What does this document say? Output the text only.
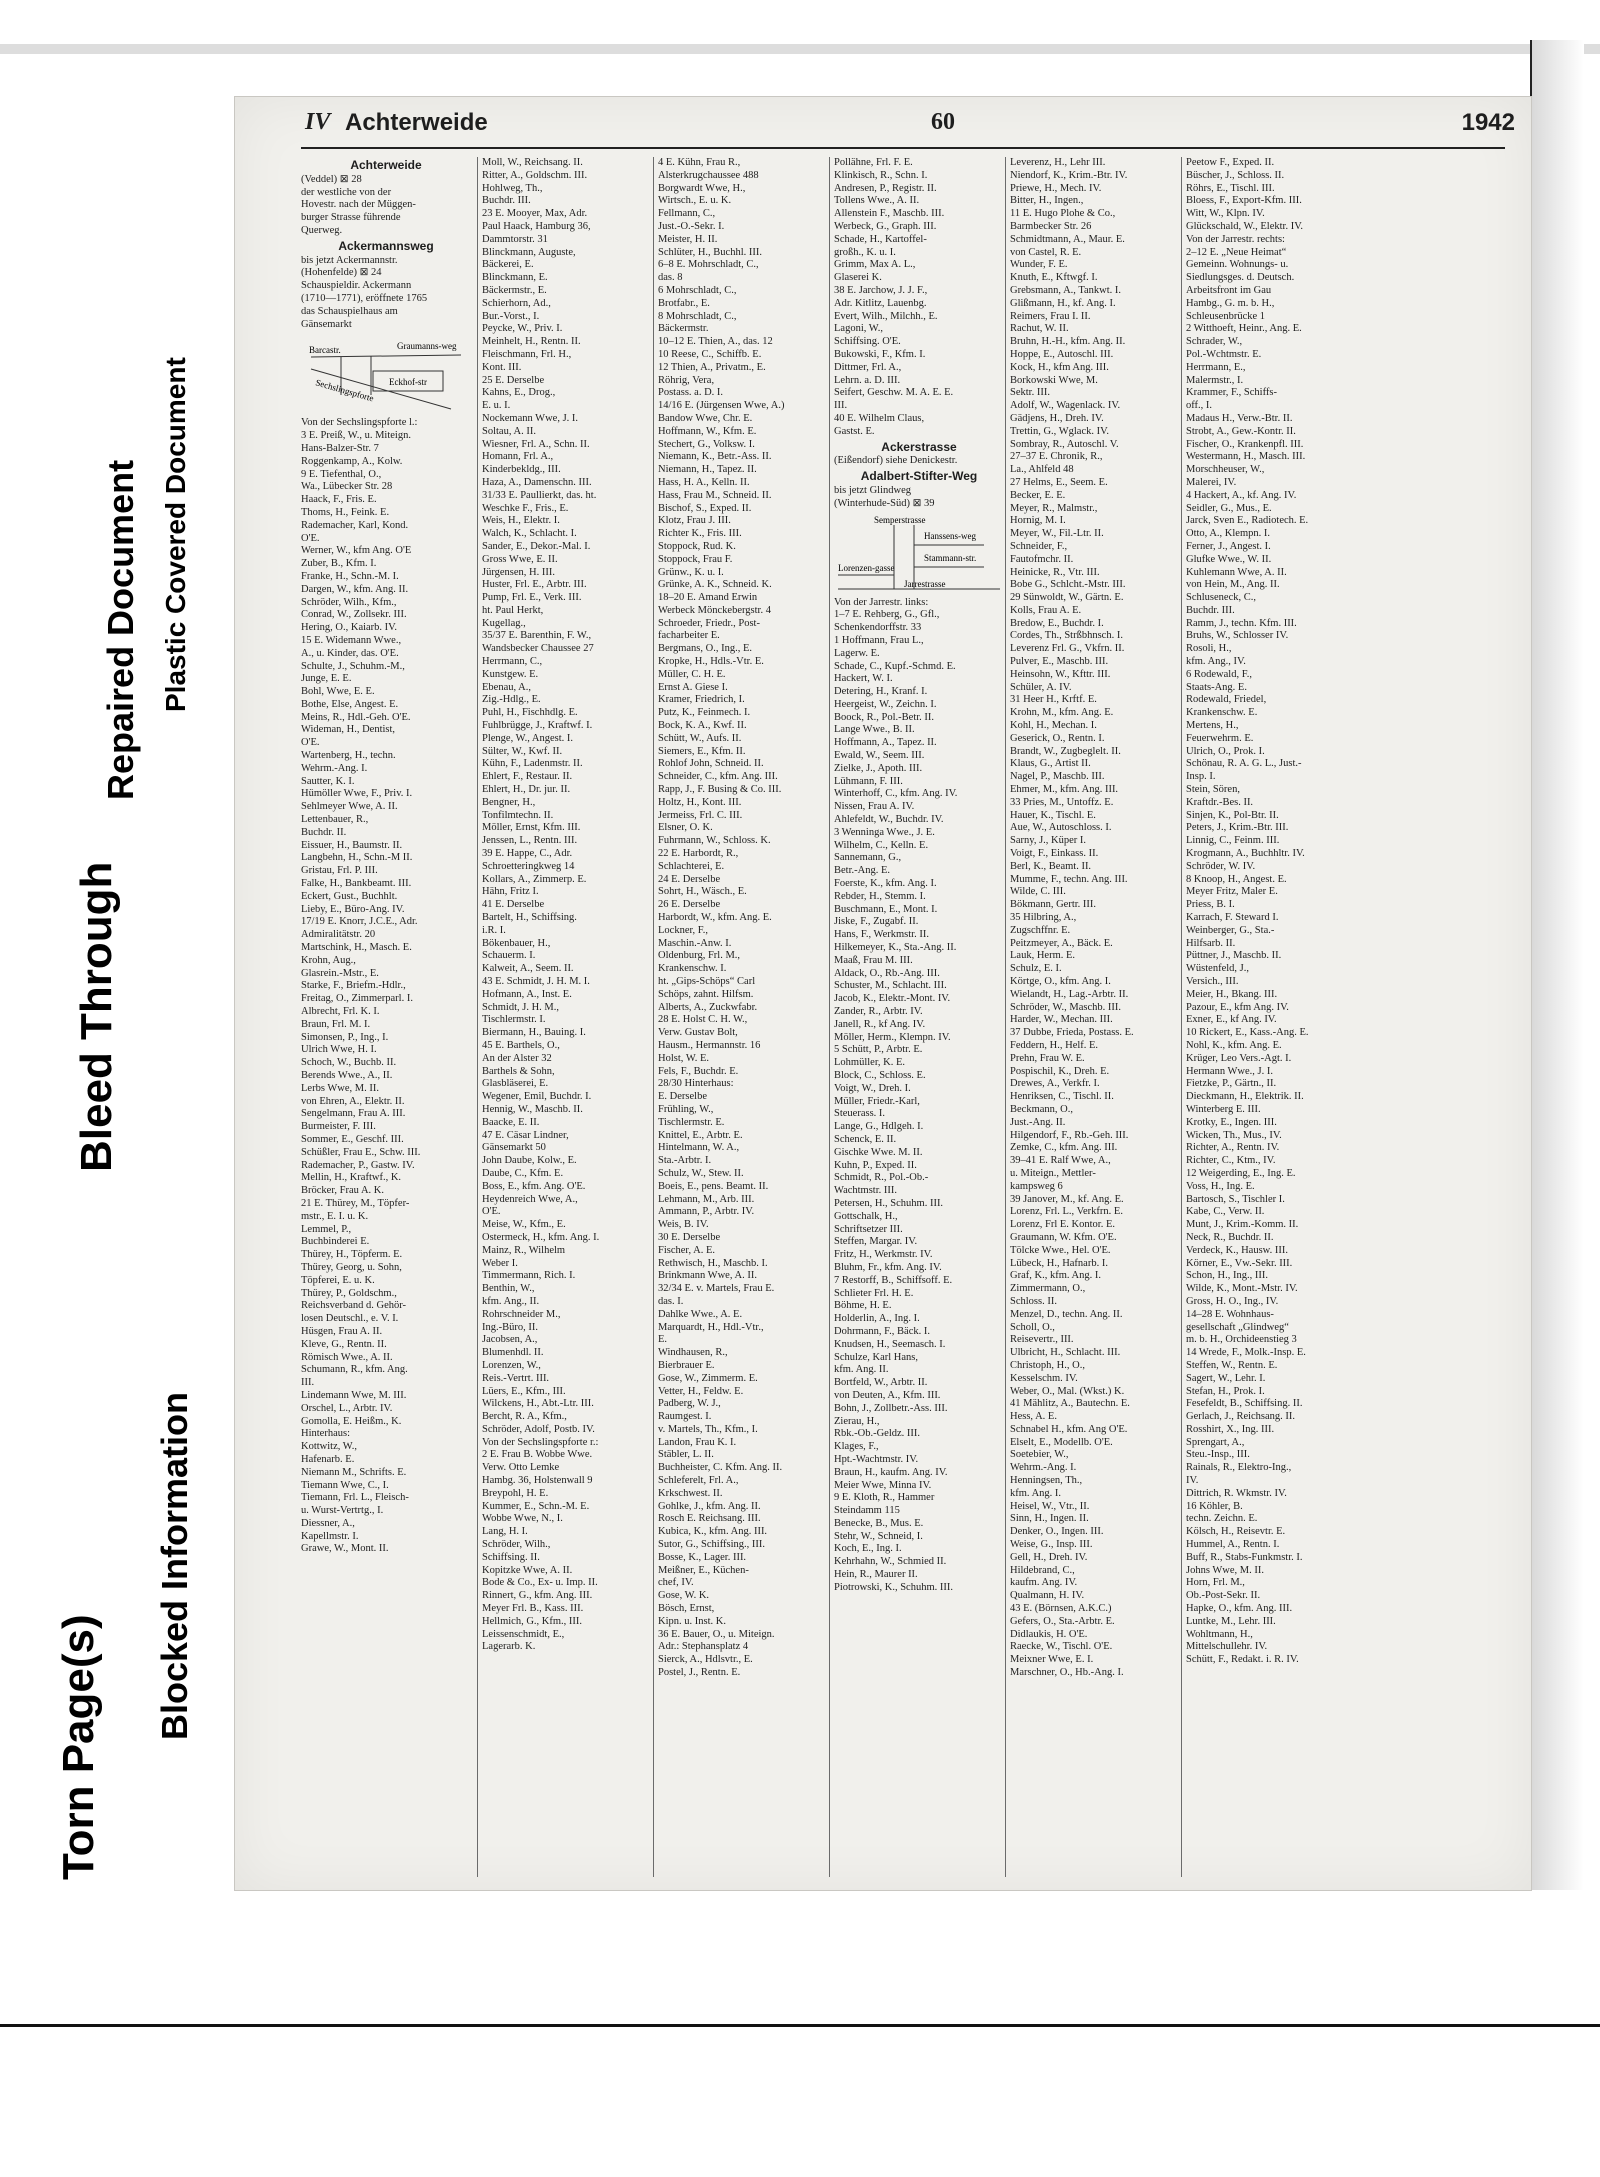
Bleed Through
Repaired Document
Torn Page(s)
Blocked Information
Plastic Covered Document
IV Achterweide	60	1942
Achterweide
(Veddel) ⊠ 28
der westliche von der
Hovestr. nach der Müggen-
burger Strasse führende
Querweg.
Ackermannsweg
bis jetzt Ackermannstr.
(Hohenfelde) ⊠ 24
Schauspieldir. Ackermann
(1710—1771), eröffnete 1765
das Schauspielhaus am
Gänsemarkt
Barcastr.	Graumanns-weg
Eckhof-str
Sechslingspforte
Von der Sechslingspforte l.:
3 E. Preiß, W., u. Miteign.
Hans-Balzer-Str. 7
Roggenkamp, A., Kolw.
9 E. Tiefenthal, O.,
Wa., Lübecker Str. 28
Haack, F., Fris. E.
Thoms, H., Feink. E.
Rademacher, Karl, Kond.
O'E.
Werner, W., kfm Ang. O'E
Zuber, B., Kfm. I.
Franke, H., Schn.-M. I.
Dargen, W., kfm. Ang. II.
Schröder, Wilh., Kfm.,
Conrad, W., Zollsekr. III.
Hering, O., Kaiarb. IV.
15 E. Widemann Wwe.,
A., u. Kinder, das. O'E.
Schulte, J., Schuhm.-M.,
Junge, E. E.
Bohl, Wwe, E. E.
Bothe, Else, Angest. E.
Meins, R., Hdl.-Geh. O'E.
Wideman, H., Dentist,
O'E.
Wartenberg, H., techn.
Wehrm.-Ang. I.
Sautter, K. I.
Hümöller Wwe, F., Priv. I.
Sehlmeyer Wwe, A. II.
Lettenbauer, R.,
Buchdr. II.
Eissuer, H., Baumstr. II.
Langbehn, H., Schn.-M II.
Gristau, Frl. P. III.
Falke, H., Bankbeamt. III.
Eckert, Gust., Buchhlt.
Lieby, E., Büro-Ang. IV.
17/19 E. Knorr, J.C.E., Adr.
Admiralitätstr. 20
Martschink, H., Masch. E.
Krohn, Aug.,
Glasrein.-Mstr., E.
Starke, F., Briefm.-Hdlr.,
Freitag, O., Zimmerparl. I.
Albrecht, Frl. K. I.
Braun, Frl. M. I.
Simonsen, P., Ing., I.
Ulrich Wwe, H. I.
Schoch, W., Buchb. II.
Berends Wwe., A., II.
Lerbs Wwe, M. II.
von Ehren, A., Elektr. II.
Sengelmann, Frau A. III.
Burmeister, F. III.
Sommer, E., Geschf. III.
Schüßler, Frau E., Schw. III.
Rademacher, P., Gastw. IV.
Mellin, H., Kraftwf., K.
Bröcker, Frau A. K.
21 E. Thürey, M., Töpfer-
mstr., E. I. u. K.
Lemmel, P.,
Buchbinderei E.
Thürey, H., Töpferm. E.
Thürey, Georg, u. Sohn,
Töpferei, E. u. K.
Thürey, P., Goldschm.,
Reichsverband d. Gehör-
losen Deutschl., e. V. I.
Hüsgen, Frau A. II.
Kleve, G., Rentn. II.
Römisch Wwe., A. II.
Schumann, R., kfm. Ang.
III.
Lindemann Wwe, M. III.
Orschel, L., Arbtr. IV.
Gomolla, E. Heißm., K.
Hinterhaus:
Kottwitz, W.,
Hafenarb. E.
Niemann M., Schrifts. E.
Tiemann Wwe, C., I.
Tiemann, Frl. L., Fleisch-
u. Wurst-Vertrtg., I.
Diessner, A.,
Kapellmstr. I.
Grawe, W., Mont. II.
Moll, W., Reichsang. II.
Ritter, A., Goldschm. III.
Hohlweg, Th.,
Buchdr. III.
23 E. Mooyer, Max, Adr.
Paul Haack, Hamburg 36,
Dammtorstr. 31
Blinckmann, Auguste,
Bäckerei, E.
Blinckmann, E.
Bäckermstr., E.
Schierhorn, Ad.,
Bur.-Vorst., I.
Peycke, W., Priv. I.
Meinhelt, H., Rentn. II.
Fleischmann, Frl. H.,
Kont. III.
25 E. Derselbe
Kahns, E., Drog.,
E. u. I.
Nockemann Wwe, J. I.
Soltau, A. II.
Wiesner, Frl. A., Schn. II.
Homann, Frl. A.,
Kinderbekldg., III.
Haza, A., Damenschn. III.
31/33 E. Paullierkt, das. ht.
Weschke F., Fris., E.
Weis, H., Elektr. I.
Walch, K., Schlacht. I.
Sander, E., Dekor.-Mal. I.
Gross Wwe, E. II.
Jürgensen, H. III.
Huster, Frl. E., Arbtr. III.
Pump, Frl. E., Verk. III.
ht. Paul Herkt,
Kugellag.,
35/37 E. Barenthin, F. W.,
Wandsbecker Chaussee 27
Herrmann, C.,
Kunstgew. E.
Ebenau, A.,
Zig.-Hdlg., E.
Puhl, H., Fischhdlg. E.
Fuhlbrügge, J., Kraftwf. I.
Plenge, W., Angest. I.
Sülter, W., Kwf. II.
Kühn, F., Ladenmstr. II.
Ehlert, F., Restaur. II.
Ehlert, H., Dr. jur. II.
Bengner, H.,
Tonfilmtechn. II.
Möller, Ernst, Kfm. III.
Jenssen, L., Rentn. III.
39 E. Happe, C., Adr.
Schroetteringkweg 14
Kollars, A., Zimmerp. E.
Hähn, Fritz I.
41 E. Derselbe
Bartelt, H., Schiffsing.
i.R. I.
Bökenbauer, H.,
Schauerm. I.
Kalweit, A., Seem. II.
43 E. Schmidt, J. H. M. I.
Hofmann, A., Inst. E.
Schmidt, J. H. M.,
Tischlermstr. I.
Biermann, H., Bauing. I.
45 E. Barthels, O.,
An der Alster 32
Barthels & Sohn,
Glasbläserei, E.
Wegener, Emil, Buchdr. I.
Hennig, W., Maschb. II.
Baacke, E. II.
47 E. Cäsar Lindner,
Gänsemarkt 50
John Daube, Kolw., E.
Daube, C., Kfm. E.
Boss, E., kfm. Ang. O'E.
Heydenreich Wwe, A.,
O'E.
Meise, W., Kfm., E.
Ostermeck, H., kfm. Ang. I.
Mainz, R., Wilhelm
Weber I.
Timmermann, Rich. I.
Benthin, W.,
kfm. Ang., II.
Rohrschneider M.,
Ing.-Büro, II.
Jacobsen, A.,
Blumenhdl. II.
Lorenzen, W.,
Reis.-Vertrt. III.
Lüers, E., Kfm., III.
Wilckens, H., Abt.-Ltr. III.
Bercht, R. A., Kfm.,
Schröder, Adolf, Postb. IV.
Von der Sechslingspforte r.:
2 E. Frau B. Wobbe Wwe.
Verw. Otto Lemke
Hambg. 36, Holstenwall 9
Breypohl, H. E.
Kummer, E., Schn.-M. E.
Wobbe Wwe, N., I.
Lang, H. I.
Schröder, Wilh.,
Schiffsing. II.
Kopitzke Wwe, A. II.
Bode & Co., Ex- u. Imp. II.
Rinnert, G., kfm. Ang. III.
Meyer Frl. B., Kass. III.
Hellmich, G., Kfm., III.
Leissenschmidt, E.,
Lagerarb. K.
4 E. Kühn, Frau R.,
Alsterkrugchaussee 488
Borgwardt Wwe, H.,
Wirtsch., E. u. K.
Fellmann, C.,
Just.-O.-Sekr. I.
Meister, H. II.
Schlüter, H., Buchhl. III.
6–8 E. Mohrschladt, C.,
das. 8
6 Mohrschladt, C.,
Brotfabr., E.
8 Mohrschladt, C.,
Bäckermstr.
10–12 E. Thien, A., das. 12
10 Reese, C., Schiffb. E.
12 Thien, A., Privatm., E.
Röhrig, Vera,
Postass. a. D. I.
14/16 E. (Jürgensen Wwe, A.)
Bandow Wwe, Chr. E.
Hoffmann, W., Kfm. E.
Stechert, G., Volksw. I.
Niemann, K., Betr.-Ass. II.
Niemann, H., Tapez. II.
Hass, H. A., Kelln. II.
Hass, Frau M., Schneid. II.
Bischof, S., Exped. II.
Klotz, Frau J. III.
Richter K., Fris. III.
Stoppock, Rud. K.
Stoppock, Frau F.
Grünw., K. u. I.
Grünke, A. K., Schneid. K.
18–20 E. Amand Erwin
Werbeck Mönckebergstr. 4
Schroeder, Friedr., Post-
facharbeiter E.
Bergmans, O., Ing., E.
Kropke, H., Hdls.-Vtr. E.
Müller, C. H. E.
Ernst A. Giese I.
Kramer, Friedrich, I.
Putz, K., Feinmech. I.
Bock, K. A., Kwf. II.
Schütt, W., Aufs. II.
Siemers, E., Kfm. II.
Rohlof John, Schneid. II.
Schneider, C., kfm. Ang. III.
Rapp, J., F. Busing & Co. III.
Holtz, H., Kont. III.
Jermeiss, Frl. C. III.
Elsner, O. K.
Fuhrmann, W., Schloss. K.
22 E. Harbordt, R.,
Schlachterei, E.
24 E. Derselbe
Sohrt, H., Wäsch., E.
26 E. Derselbe
Harbordt, W., kfm. Ang. E.
Lockner, F.,
Maschin.-Anw. I.
Oldenburg, Frl. M.,
Krankenschw. I.
ht. „Gips-Schöps“ Carl
Schöps, zahnt. Hilfsm.
Alberts, A., Zuckwfabr.
28 E. Holst C. H. W.,
Verw. Gustav Bolt,
Hausm., Hermannstr. 16
Holst, W. E.
Fels, F., Buchdr. E.
28/30 Hinterhaus:
E. Derselbe
Frühling, W.,
Tischlermstr. E.
Knittel, E., Arbtr. E.
Hintelmann, W. A.,
Sta.-Arbtr. I.
Schulz, W., Stew. II.
Boeis, E., pens. Beamt. II.
Lehmann, M., Arb. III.
Ammann, P., Arbtr. IV.
Weis, B. IV.
30 E. Derselbe
Fischer, A. E.
Rethwisch, H., Maschb. I.
Brinkmann Wwe, A. II.
32/34 E. v. Martels, Frau E.
das. I.
Dahlke Wwe., A. E.
Marquardt, H., Hdl.-Vtr.,
E.
Windhausen, R.,
Bierbrauer E.
Gose, W., Zimmerm. E.
Vetter, H., Feldw. E.
Padberg, W. J.,
Raumgest. I.
v. Martels, Th., Kfm., I.
Landon, Frau K. I.
Stäbler, L. II.
Buchheister, C. Kfm. Ang. II.
Schleferelt, Frl. A.,
Krkschwest. II.
Gohlke, J., kfm. Ang. II.
Rosch E. Reichsang. III.
Kubica, K., kfm. Ang. III.
Sutor, G., Schiffsing., III.
Bosse, K., Lager. III.
Meißner, E., Küchen-
chef, IV.
Gose, W. K.
Bösch, Ernst,
Kipn. u. Inst. K.
36 E. Bauer, O., u. Miteign.
Adr.: Stephansplatz 4
Sierck, A., Hdlsvtr., E.
Postel, J., Rentn. E.
Pollähne, Frl. F. E.
Klinkisch, R., Schn. I.
Andresen, P., Registr. II.
Tollens Wwe., A. II.
Allenstein F., Maschb. III.
Werbeck, G., Graph. III.
Schade, H., Kartoffel-
großh., K. u. I.
Grimm, Max A. L.,
Glaserei K.
38 E. Jarchow, J. J. F.,
Adr. Kitlitz, Lauenbg.
Evert, Wilh., Milchh., E.
Lagoni, W.,
Schiffsing. O'E.
Bukowski, F., Kfm. I.
Dittmer, Frl. A.,
Lehrn. a. D. III.
Seifert, Geschw. M. A. E. E.
III.
40 E. Wilhelm Claus,
Gastst. E.
Ackerstrasse
(Eißendorf) siehe Denickestr.
Adalbert-Stifter-Weg
bis jetzt Glindweg
(Winterhude-Süd) ⊠ 39
Semperstrasse
Hanssens-weg
Stammann-str.
Lorenzen-gasse
Jarrestrasse
Von der Jarrestr. links:
1–7 E. Rehberg, G., Gfl.,
Schenkendorffstr. 33
1 Hoffmann, Frau L.,
Lagerw. E.
Schade, C., Kupf.-Schmd. E.
Hackert, W. I.
Detering, H., Kranf. I.
Heergeist, W., Zeichn. I.
Boock, R., Pol.-Betr. II.
Lange Wwe., B. II.
Hoffmann, A., Tapez. II.
Ewald, W., Seem. III.
Zielke, J., Apoth. III.
Lühmann, F. III.
Winterhoff, C., kfm. Ang. IV.
Nissen, Frau A. IV.
Ahlefeldt, W., Buchdr. IV.
3 Wenninga Wwe., J. E.
Wilhelm, C., Kelln. E.
Sannemann, G.,
Betr.-Ang. E.
Foerste, K., kfm. Ang. I.
Rebder, H., Stemm. I.
Buschmann, E., Mont. I.
Jiske, F., Zugabf. II.
Hans, F., Werkmstr. II.
Hilkemeyer, K., Sta.-Ang. II.
Maaß, Frau M. III.
Aldack, O., Rb.-Ang. III.
Schuster, M., Schlacht. III.
Jacob, K., Elektr.-Mont. IV.
Zander, R., Arbtr. IV.
Janell, R., kf Ang. IV.
Möller, Herm., Klempn. IV.
5 Schütt, P., Arbtr. E.
Lohmüller, K. E.
Block, C., Schloss. E.
Voigt, W., Dreh. I.
Müller, Friedr.-Karl,
Steuerass. I.
Lange, G., Hdlgeh. I.
Schenck, E. II.
Gischke Wwe. M. II.
Kuhn, P., Exped. II.
Schmidt, R., Pol.-Ob.-
Wachtmstr. III.
Petersen, H., Schuhm. III.
Gottschalk, H.,
Schriftsetzer III.
Steffen, Margar. IV.
Fritz, H., Werkmstr. IV.
Bluhm, Fr., kfm. Ang. IV.
7 Restorff, B., Schiffsoff. E.
Schlieter Frl. H. E.
Böhme, H. E.
Holderlin, A., Ing. I.
Dohrmann, F., Bäck. I.
Knudsen, H., Seemasch. I.
Schulze, Karl Hans,
kfm. Ang. II.
Bortfeld, W., Arbtr. II.
von Deuten, A., Kfm. III.
Bohn, J., Zollbetr.-Ass. III.
Zierau, H.,
Rbk.-Ob.-Geldz. III.
Klages, F.,
Hpt.-Wachtmstr. IV.
Braun, H., kaufm. Ang. IV.
Meier Wwe, Minna IV.
9 E. Kloth, R., Hammer
Steindamm 115
Benecke, B., Mus. E.
Stehr, W., Schneid, I.
Koch, E., Ing. I.
Kehrhahn, W., Schmied II.
Hein, R., Maurer II.
Piotrowski, K., Schuhm. III.
Leverenz, H., Lehr III.
Niendorf, K., Krim.-Btr. IV.
Priewe, H., Mech. IV.
Bitter, H., Ingen.,
11 E. Hugo Plohe & Co.,
Barmbecker Str. 26
Schmidtmann, A., Maur. E.
von Castel, R. E.
Wunder, F. E.
Knuth, E., Kftwgf. I.
Grebsmann, A., Tankwt. I.
Glißmann, H., kf. Ang. I.
Reimers, Frau I. II.
Rachut, W. II.
Bruhn, H.-H., kfm. Ang. II.
Hoppe, E., Autoschl. III.
Kock, H., kfm Ang. III.
Borkowski Wwe, M.
Sektr. III.
Adolf, W., Wagenlack. IV.
Gädjens, H., Dreh. IV.
Trettin, G., Wglack. IV.
Sombray, R., Autoschl. V.
27–37 E. Chronik, R.,
La., Ahlfeld 48
27 Helms, E., Seem. E.
Becker, E. E.
Meyer, R., Malmstr.,
Hornig, M. I.
Meyer, W., Fil.-Ltr. II.
Schneider, F.,
Fautofmchr. II.
Heinicke, R., Vtr. III.
Bobe G., Schlcht.-Mstr. III.
29 Sünwoldt, W., Gärtn. E.
Kolls, Frau A. E.
Bredow, E., Buchdr. I.
Cordes, Th., Strßbhnsch. I.
Leverenz Frl. G., Vkfrn. II.
Pulver, E., Maschb. III.
Heinsohn, W., Kfttr. III.
Schüler, A. IV.
31 Heer H., Krftf. E.
Krohn, M., kfm. Ang. E.
Kohl, H., Mechan. I.
Geserick, O., Rentn. I.
Brandt, W., Zugbeglelt. II.
Klaus, G., Artist II.
Nagel, P., Maschb. III.
Ehmer, M., kfm. Ang. III.
33 Pries, M., Untoffz. E.
Hauer, K., Tischl. E.
Aue, W., Autoschloss. I.
Sarny, J., Küper I.
Voigt, F., Einkass. II.
Berl, K., Beamt. II.
Mumme, F., techn. Ang. III.
Wilde, C. III.
Bökmann, Gertr. III.
35 Hilbring, A.,
Zugschffnr. E.
Peitzmeyer, A., Bäck. E.
Lauk, Herm. E.
Schulz, E. I.
Körtge, O., kfm. Ang. I.
Wielandt, H., Lag.-Arbtr. II.
Schröder, W., Maschb. III.
Harder, W., Mechan. III.
37 Dubbe, Frieda, Postass. E.
Feddern, H., Helf. E.
Prehn, Frau W. E.
Pospischil, K., Dreh. E.
Drewes, A., Verkfr. I.
Henriksen, C., Tischl. II.
Beckmann, O.,
Just.-Ang. II.
Hilgendorf, F., Rb.-Geh. III.
Zemke, C., kfm. Ang. III.
39–41 E. Ralf Wwe, A.,
u. Miteign., Mettler-
kampsweg 6
39 Janover, M., kf. Ang. E.
Lorenz, Frl. L., Verkfrn. E.
Lorenz, Frl E. Kontor. E.
Graumann, W. Kfm. O'E.
Tölcke Wwe., Hel. O'E.
Lübeck, H., Hafnarb. I.
Graf, K., kfm. Ang. I.
Zimmermann, O.,
Schloss. II.
Menzel, D., techn. Ang. II.
Scholl, O.,
Reisevertr., III.
Ulbricht, H., Schlacht. III.
Christoph, H., O.,
Kesselschm. IV.
Weber, O., Mal. (Wkst.) K.
41 Mählitz, A., Bautechn. E.
Hess, A. E.
Schnabel H., kfm. Ang O'E.
Elselt, E., Modellb. O'E.
Soetebier, W.,
Wehrm.-Ang. I.
Henningsen, Th.,
kfm. Ang. I.
Heisel, W., Vtr., II.
Sinn, H., Ingen. II.
Denker, O., Ingen. III.
Weise, G., Insp. III.
Gell, H., Dreh. IV.
Hildebrand, C.,
kaufm. Ang. IV.
Qualmann, H. IV.
43 E. (Börnsen, A.K.C.)
Gefers, O., Sta.-Arbtr. E.
Didlaukis, H. O'E.
Raecke, W., Tischl. O'E.
Meixner Wwe, E. I.
Marschner, O., Hb.-Ang. I.
Peetow F., Exped. II.
Büscher, J., Schloss. II.
Röhrs, E., Tischl. III.
Bloess, F., Export-Kfm. III.
Witt, W., Klpn. IV.
Glückschald, W., Elektr. IV.
Von der Jarrestr. rechts:
2–12 E. „Neue Heimat“
Gemeinn. Wohnungs- u.
Siedlungsges. d. Deutsch.
Arbeitsfront im Gau
Hambg., G. m. b. H.,
Schleusenbrücke 1
2 Witthoeft, Heinr., Ang. E.
Schrader, W.,
Pol.-Wchtmstr. E.
Herrmann, E.,
Malermstr., I.
Krammer, F., Schiffs-
off., I.
Madaus H., Verw.-Btr. II.
Strobt, A., Gew.-Kontr. II.
Fischer, O., Krankenpfl. III.
Westermann, H., Masch. III.
Morschheuser, W.,
Malerei, IV.
4 Hackert, A., kf. Ang. IV.
Seidler, G., Mus., E.
Jarck, Sven E., Radiotech. E.
Otto, A., Klempn. I.
Ferner, J., Angest. I.
Glufke Wwe., W. II.
Kuhlemann Wwe, A. II.
von Hein, M., Ang. II.
Schluseneck, C.,
Buchdr. III.
Ramm, J., techn. Kfm. III.
Bruhs, W., Schlosser IV.
Rosoli, H.,
kfm. Ang., IV.
6 Rodewald, F.,
Staats-Ang. E.
Rodewald, Friedel,
Krankenschw. E.
Mertens, H.,
Feuerwehrm. E.
Ulrich, O., Prok. I.
Schönau, R. A. G. L., Just.-
Insp. I.
Stein, Sören,
Kraftdr.-Bes. II.
Sinjen, K., Pol-Btr. II.
Peters, J., Krim.-Btr. III.
Linnig, C., Feinm. III.
Krogmann, A., Buchhltr. IV.
Schröder, W. IV.
8 Knoop, H., Angest. E.
Meyer Fritz, Maler E.
Priess, B. I.
Karrach, F. Steward I.
Weinberger, G., Sta.-
Hilfsarb. II.
Püttner, J., Maschb. II.
Wüstenfeld, J.,
Versich., III.
Meier, H., Bkang. III.
Pazour, E., kfm Ang. IV.
Exner, E., kf Ang. IV.
10 Rickert, E., Kass.-Ang. E.
Nohl, K., kfm. Ang. E.
Krüger, Leo Vers.-Agt. I.
Hermann Wwe., J. I.
Fietzke, P., Gärtn., II.
Dieckmann, H., Elektrik. II.
Winterberg E. III.
Krotky, E., Ingen. III.
Wicken, Th., Mus., IV.
Richter, A., Rentn. IV.
Richter, C., Ktm., IV.
12 Weigerding, E., Ing. E.
Voss, H., Ing. E.
Bartosch, S., Tischler I.
Kabe, C., Verw. II.
Munt, J., Krim.-Komm. II.
Neck, R., Buchdr. II.
Verdeck, K., Hausw. III.
Körner, E., Vw.-Sekr. III.
Schon, H., Ing., III.
Wilde, K., Mont.-Mstr. IV.
Gross, H. O., Ing., IV.
14–28 E. Wohnhaus-
gesellschaft „Glindweg“
m. b. H., Orchideenstieg 3
14 Wrede, F., Molk.-Insp. E.
Steffen, W., Rentn. E.
Sagert, W., Lehr. I.
Stefan, H., Prok. I.
Fesefeldt, B., Schiffsing. II.
Gerlach, J., Reichsang. II.
Rosshirt, X., Ing. III.
Sprengart, A.,
Steu.-Insp., III.
Rainals, R., Elektro-Ing.,
IV.
Dittrich, R. Wkmstr. IV.
16 Köhler, B.
techn. Zeichn. E.
Kölsch, H., Reisevtr. E.
Hummel, A., Rentn. I.
Buff, R., Stabs-Funkmstr. I.
Johns Wwe, M. II.
Horn, Frl. M.,
Ob.-Post-Sekr. II.
Hapke, O., kfm. Ang. III.
Luntke, M., Lehr. III.
Wohltmann, H.,
Mittelschullehr. IV.
Schütt, F., Redakt. i. R. IV.
